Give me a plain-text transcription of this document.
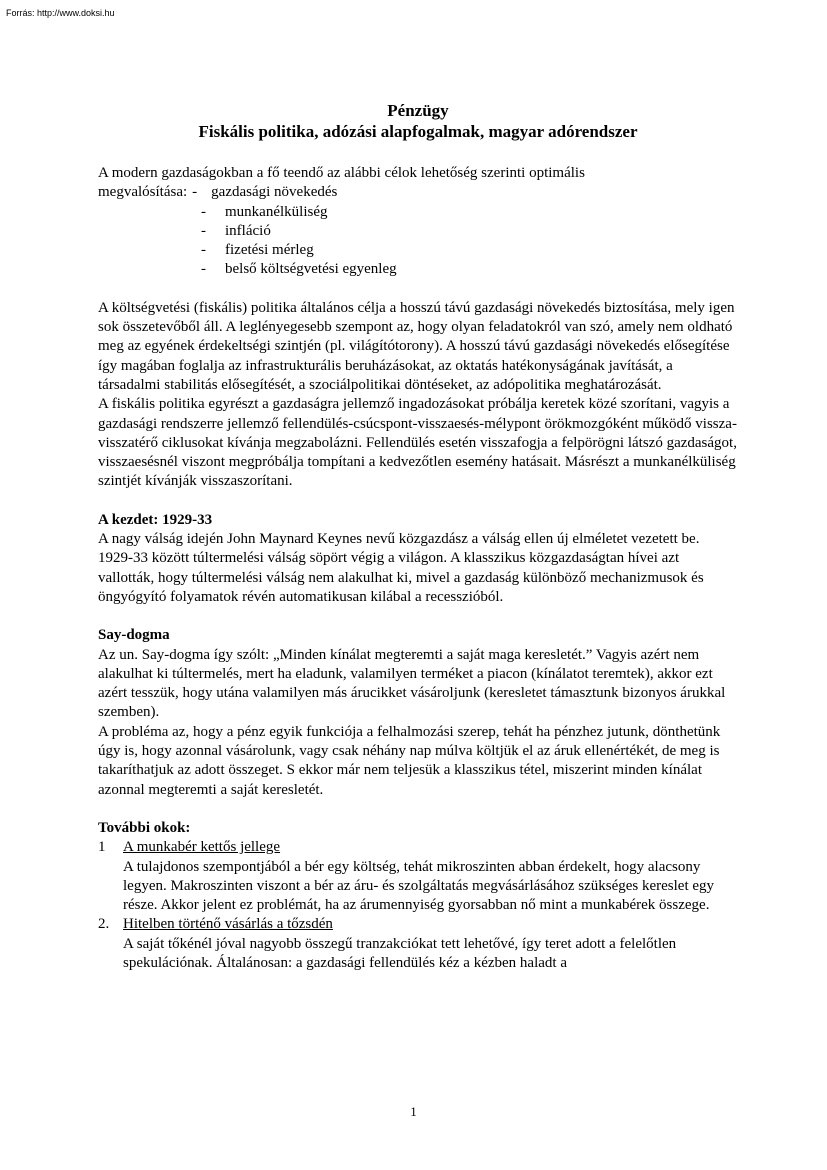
Forrás: http://www.doksi.hu
Pénzügy
Fiskális politika, adózási alapfogalmak, magyar adórendszer

A modern gazdaságokban a fő teendő az alábbi célok lehetőség szerinti optimális

megvalósítása: - gazdasági növekedés

- munkanélküliség
- infláció
- fizetési mérleg
- belső költségvetési egyenleg

A költségvetési (fiskális) politika általános célja a hosszú távú gazdasági növekedés biztosítása, mely igen sok összetevőből áll. A leglényegesebb szempont az, hogy olyan feladatokról van szó, amely nem oldható meg az egyének érdekeltségi szintjén (pl. világítótorony). A hosszú távú gazdasági növekedés elősegítése így magában foglalja az infrastrukturális beruházásokat, az oktatás hatékonyságának javítását, a társadalmi stabilitás elősegítését, a szociálpolitikai döntéseket, az adópolitika meghatározását.

A fiskális politika egyrészt a gazdaságra jellemző ingadozásokat próbálja keretek közé szorítani, vagyis a gazdasági rendszerre jellemző fellendülés-csúcspont-visszaesés-mélypont örökmozgóként működő vissza-visszatérő ciklusokat kívánja megzabolázni. Fellendülés esetén visszafogja a felpörögni látszó gazdaságot, visszaesésnél viszont megpróbálja tompítani a kedvezőtlen esemény hatásait. Másrészt a munkanélküliség szintjét kívánják visszaszorítani.

A kezdet: 1929-33

A nagy válság idején John Maynard Keynes nevű közgazdász a válság ellen új elméletet vezetett be. 1929-33 között túltermelési válság söpört végig a világon. A klasszikus közgazdaságtan hívei azt vallották, hogy túltermelési válság nem alakulhat ki, mivel a gazdaság különböző mechanizmusok és öngyógyító folyamatok révén automatikusan kilábal a recesszióból.

Say-dogma

Az un. Say-dogma így szólt: „Minden kínálat megteremti a saját maga keresletét.” Vagyis azért nem alakulhat ki túltermelés, mert ha eladunk, valamilyen terméket a piacon (kínálatot teremtek), akkor ezt azért tesszük, hogy utána valamilyen más árucikket vásároljunk (keresletet támasztunk bizonyos árukkal szemben).

A probléma az, hogy a pénz egyik funkciója a felhalmozási szerep, tehát ha pénzhez jutunk, dönthetünk úgy is, hogy azonnal vásárolunk, vagy csak néhány nap múlva költjük el az áruk ellenértékét, de meg is takaríthatjuk az adott összeget. S ekkor már nem teljesük a klasszikus tétel, miszerint minden kínálat azonnal megteremti a saját keresletét.

További okok:

1 A munkabér kettős jellege
A tulajdonos szempontjából a bér egy költség, tehát mikroszinten abban érdekelt, hogy alacsony legyen. Makroszinten viszont a bér az áru- és szolgáltatás megvásárlásához szükséges kereslet egy része. Akkor jelent ez problémát, ha az árumennyiség gyorsabban nő mint a munkabérek összege.
2. Hitelben történő vásárlás a tőzsdén
A saját tőkénél jóval nagyobb összegű tranzakciókat tett lehetővé, így teret adott a felelőtlen spekulációnak. Általánosan: a gazdasági fellendülés kéz a kézben haladt a
1
